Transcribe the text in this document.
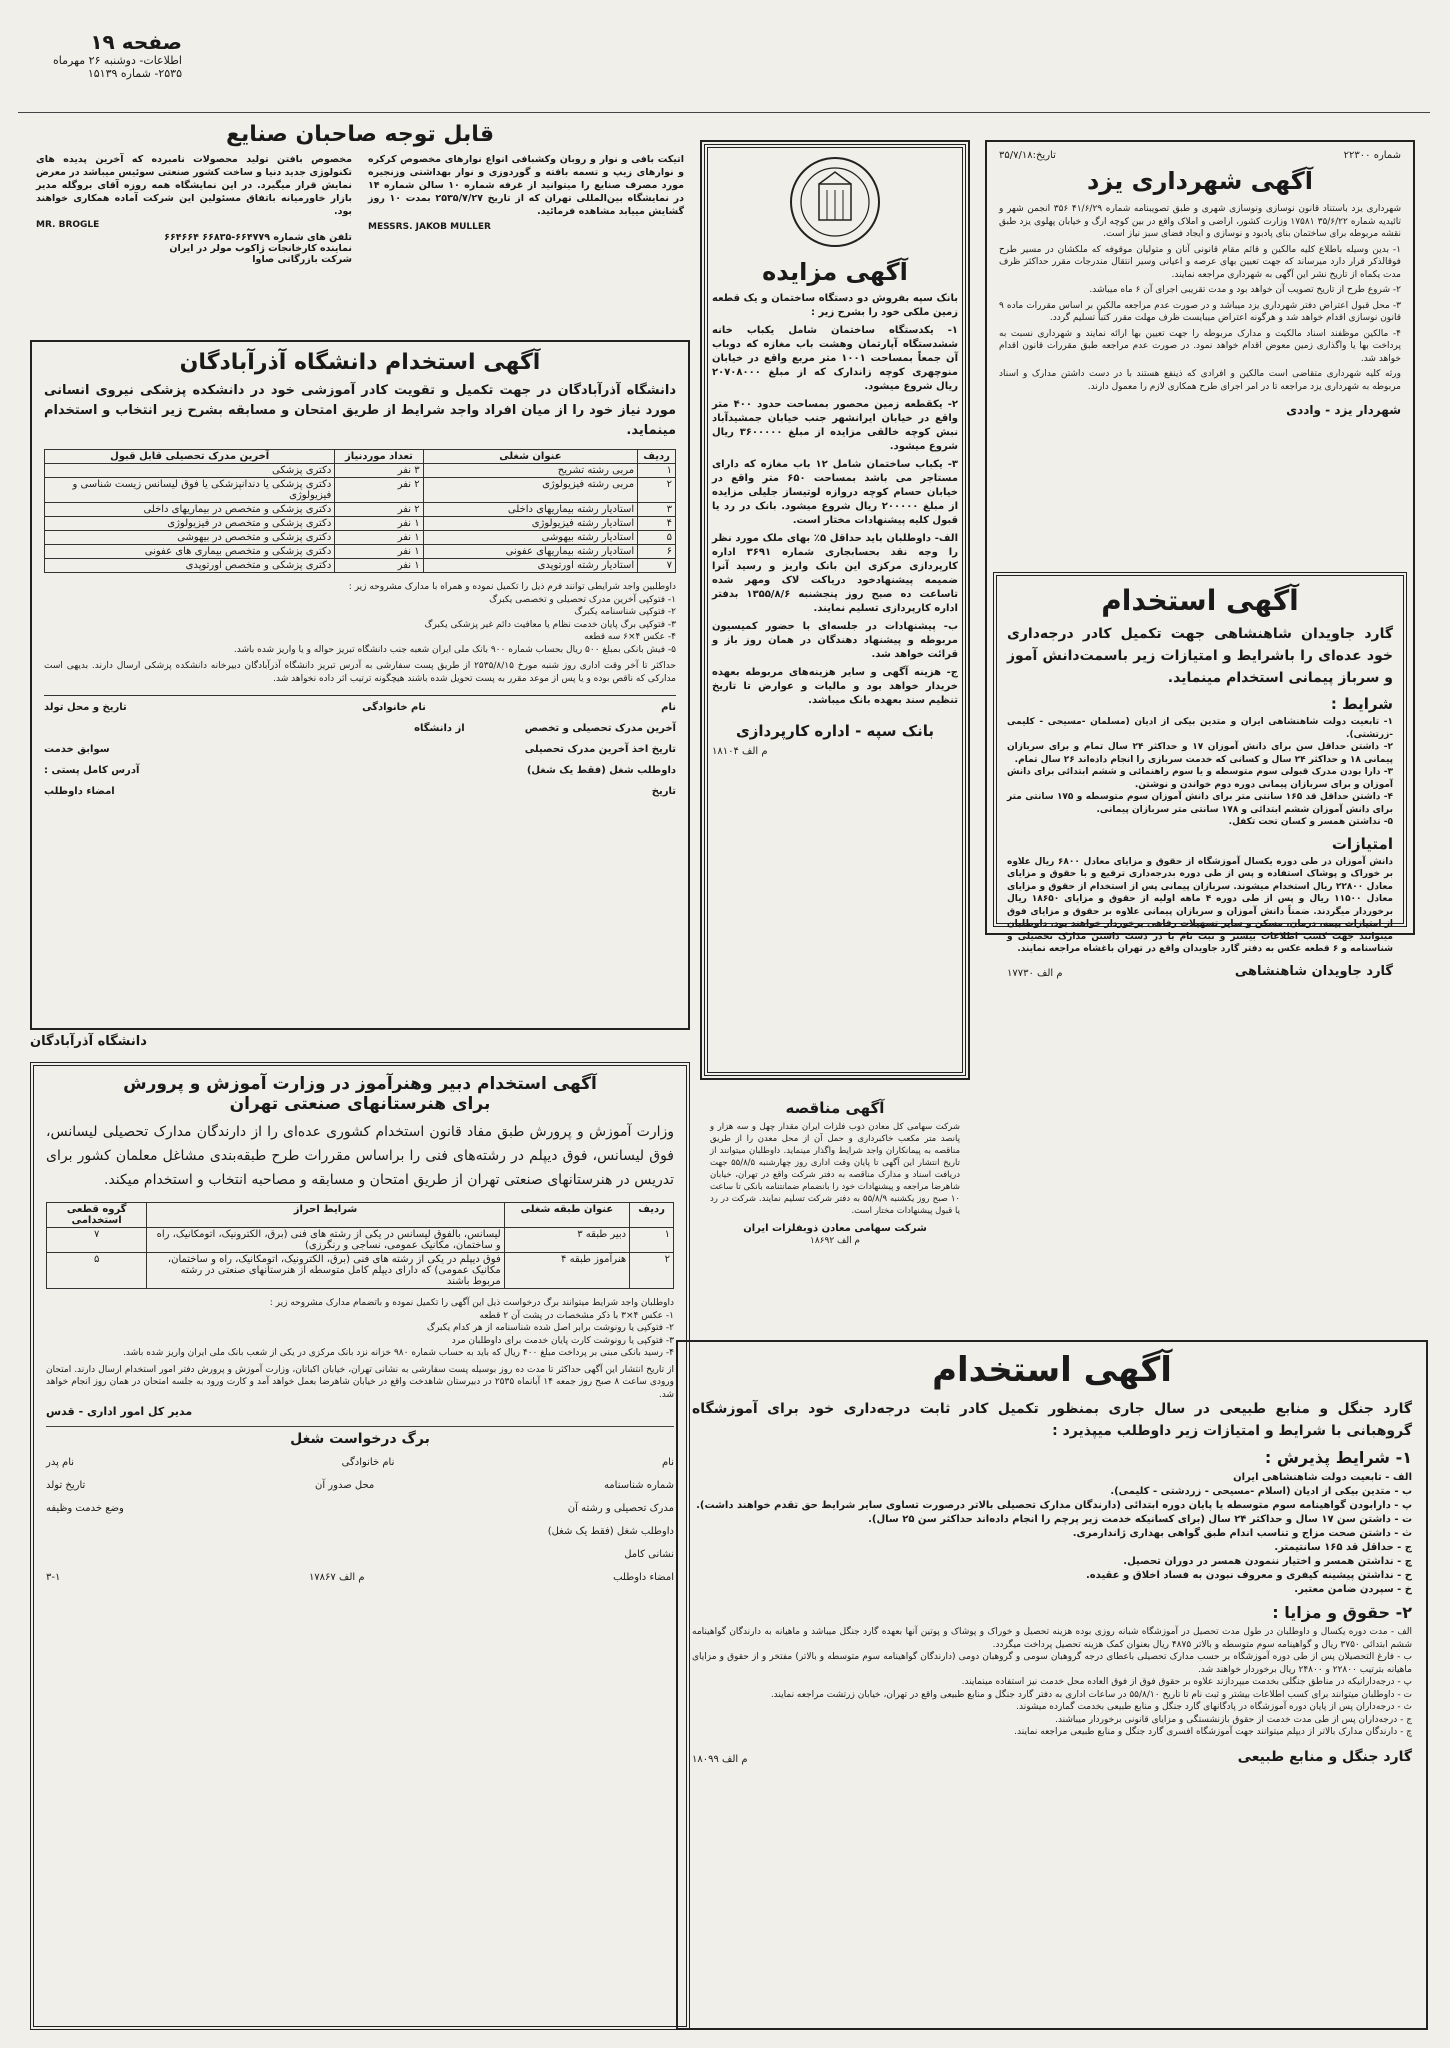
صفحه ۱۹
اطلاعات- دوشنبه ۲۶ مهرماه
۲۵۳۵- شماره ۱۵۱۳۹
شماره ۲۲۳۰۰
تاریخ:۳۵/۷/۱۸
آگهی شهرداری یزد

شهرداری یزد باستناد قانون نوسازی ونوسازی شهری و طبق تصویبنامه شماره ۴۱/۶/۲۹ ۳۵۶ انجمن شهر و تائیدیه شماره ۳۵/۶/۲۲ ۱۷۵۸۱ وزارت کشور، اراضی و املاک واقع در بین کوچه ارگ و خیابان پهلوی یزد طبق نقشه مربوطه برای ساختمان بنای پادبود و نوسازی و ایجاد فضای سبز نیاز است.

۱- بدین وسیله باطلاع کلیه مالکین و قائم مقام قانونی آنان و متولیان موقوفه که ملکشان در مسیر طرح فوقالذکر قرار دارد میرساند که جهت تعیین بهای عرصه و اعیانی وسیر انتقال مندرجات مقرر حداکثر ظرف مدت یکماه از تاریخ نشر این آگهی به شهرداری مراجعه نمایند.

۲- شروع طرح از تاریخ تصویب آن خواهد بود و مدت تقریبی اجرای آن ۶ ماه میباشد.

۳- محل قبول اعتراض دفتر شهرداری یزد میباشد و در صورت عدم مراجعه مالکین بر اساس مقررات ماده ۹ قانون نوسازی اقدام خواهد شد و هرگونه اعتراض میبایست ظرف مهلت مقرر کتباً تسلیم گردد.

۴- مالکین موظفند اسناد مالکیت و مدارک مربوطه را جهت تعیین بها ارائه نمایند و شهرداری نسبت به پرداخت بها یا واگذاری زمین معوض اقدام خواهد نمود. در صورت عدم مراجعه طبق مقررات قانون اقدام خواهد شد.

ورثه کلیه شهرداری متقاضی است مالکین و افرادی که ذینفع هستند با در دست داشتن مدارک و اسناد مربوطه به شهرداری یزد مراجعه تا در امر اجرای طرح همکاری لازم را معمول دارند.

شهردار یزد - واددی
آگهی استخدام

گارد جاویدان شاهنشاهی جهت تکمیل کادر درجه‌داری خود عده‌ای را باشرایط و امتیازات زیر باسمت‌دانش آموز و سرباز پیمانی استخدام مینماید.

شرایط :

۱- تابعیت دولت شاهنشاهی ایران و متدین بیکی از ادیان (مسلمان -مسیحی - کلیمی -زرتشتی).

۲- داشتن حداقل سن برای دانش آموزان ۱۷ و حداکثر ۲۴ سال تمام و برای سربازان پیمانی ۱۸ و حداکثر ۲۴ سال و کسانی که خدمت سربازی را انجام داده‌اند ۲۶ سال تمام.

۳- دارا بودن مدرک قبولی سوم متوسطه و یا سوم راهنمائی و ششم ابتدائی برای دانش آموزان و برای سربازان پیمانی دوره دوم خواندن و نوشتن.

۴- داشتن حداقل قد ۱۶۵ سانتی متر برای دانش آموزان سوم متوسطه و ۱۷۵ سانتی متر برای دانش آموزان ششم ابتدائی و ۱۷۸ سانتی متر سربازان پیمانی.

۵- نداشتن همسر و کسان تحت تکفل.

امتیازات

دانش آموزان در طی دوره یکسال آموزشگاه از حقوق و مزایای معادل ۶۸۰۰ ریال علاوه بر خوراک و پوشاک استفاده و پس از طی دوره بدرجه‌داری ترفیع و با حقوق و مزایای معادل ۲۲۸۰۰ ریال استخدام میشوند. سربازان پیمانی پس از استخدام از حقوق و مزایای معادل ۱۱۵۰۰ ریال و پس از طی دوره ۴ ماهه اولیه از حقوق و مزایای ۱۸۶۵۰ ریال برخوردار میگردند. ضمناً دانش آموزان و سربازان پیمانی علاوه بر حقوق و مزایای فوق از امتیازات بیمه، درمان، مسکن و سایر تسهیلات رفاهی برخوردار خواهند بود. داوطلبان میتوانند جهت کسب اطلاعات بیشتر و ثبت نام با در دست داشتن مدارک تحصیلی و شناسنامه و ۶ قطعه عکس به دفتر گارد جاویدان واقع در تهران باغشاه مراجعه نمایند.

گارد جاویدان شاهنشاهی
م الف ۱۷۷۳۰
آگهی مزایده

بانک سپه بفروش دو دستگاه ساختمان و یک قطعه زمین ملکی خود را بشرح زیر :

۱- یکدستگاه ساختمان شامل یکباب خانه ششدستگاه آپارتمان وهشت باب مغازه که دوباب آن جمعاً بمساحت ۱۰۰۱ متر مربع واقع در خیابان منوچهری کوچه زاندارک که از مبلغ ۲۰۷۰۸۰۰۰ ریال شروع میشود.

۲- یکقطعه زمین محصور بمساحت حدود ۴۰۰ متر واقع در خیابان ایرانشهر جنب خیابان جمشیدآباد نبش کوچه خالقی مزایده از مبلغ ۳۶۰۰۰۰۰ ریال شروع میشود.

۳- یکباب ساختمان شامل ۱۲ باب مغازه که دارای مستاجر می باشد بمساحت ۶۵۰ متر واقع در خیابان حسام کوچه دروازه لوتیساز جلیلی مزایده از مبلغ ۲۰۰۰۰۰ ریال شروع میشود. بانک در رد یا قبول کلیه پیشنهادات مختار است.

الف- داوطلبان باید حداقل ۵٪ بهای ملک مورد نظر را وجه نقد بحسابجاری شماره ۳۶۹۱ اداره کارپردازی مرکزی این بانک واریز و رسید آنرا ضمیمه پیشنهادخود دریاکت لاک ومهر شده تاساعت ده صبح روز پنجشنبه ۱۳۵۵/۸/۶ بدفتر اداره کارپردازی تسلیم نمایند.

ب- پیشنهادات در جلسه‌ای با حضور کمیسیون مربوطه و پیشنهاد دهندگان در همان روز باز و قرائت خواهد شد.

ج- هزینه آگهی و سایر هزینه‌های مربوطه بعهده خریدار خواهد بود و مالیات و عوارض تا تاریخ تنظیم سند بعهده بانک میباشد.

بانک سپه - اداره کارپردازی
م الف ۱۸۱۰۴
آگهی مناقصه

شرکت سهامی کل معادن ذوب فلزات ایران مقدار چهل و سه هزار و پانصد متر مکعب خاکبرداری و حمل آن از محل معدن را از طریق مناقصه به پیمانکاران واجد شرایط واگذار مینماید. داوطلبان میتوانند از تاریخ انتشار این آگهی تا پایان وقت اداری روز چهارشنبه ۵۵/۸/۵ جهت دریافت اسناد و مدارک مناقصه به دفتر شرکت واقع در تهران، خیابان شاهرضا مراجعه و پیشنهادات خود را بانضمام ضمانتنامه بانکی تا ساعت ۱۰ صبح روز یکشنبه ۵۵/۸/۹ به دفتر شرکت تسلیم نمایند. شرکت در رد یا قبول پیشنهادات مختار است.

شرکت سهامی معادن ذوبفلزات ایران
م الف ۱۸۶۹۲
قابل توجه صاحبان صنایع

اتیکت بافی و نوار و روبان وکشبافی انواع نوارهای مخصوص کرکره و نوارهای زیپ و تسمه بافته و گوردوزی و نوار بهداشتی وزنجیره مورد مصرف صنایع را میتوانید از غرفه شماره ۱۰ سالن شماره ۱۴ در نمایشگاه بین‌المللی تهران که از تاریخ ۲۵۳۵/۷/۲۷ بمدت ۱۰ روز گشایش مییابد مشاهده فرمائید.

MESSRS. JAKOB MULLER

مخصوص بافتن تولید محصولات نامبرده که آخرین پدیده های تکنولوژی جدید دنیا و ساخت کشور صنعتی سوئیس میباشد در معرض نمایش قرار میگیرد. در این نمایشگاه همه روزه آقای بروگله مدیر بازار خاورمیانه باتفاق مسئولین این شرکت آماده همکاری خواهند بود.

MR. BROGLE
تلفن های شماره ۶۶۴۷۷۹-۶۶۸۳۵ ۶۶۴۶۶۴
نماینده کارخانجات ژاکوب مولر در ایران
شرکت بازرگانی صاوا
آگهی استخدام دانشگاه آذرآبادگان

دانشگاه آذرآبادگان در جهت تکمیل و تقویت کادر آموزشی خود در دانشکده پزشکی نیروی انسانی مورد نیاز خود را از میان افراد واجد شرایط از طریق امتحان و مسابقه بشرح زیر انتخاب و استخدام مینماید.

ردیف	عنوان شغلی	تعداد موردنیاز	آخرین مدرک تحصیلی قابل قبول
۱	مربی رشته تشریح	۳ نفر	دکتری پزشکی
۲	مربی رشته فیزیولوژی	۲ نفر	دکتری پزشکی یا دندانپزشکی یا فوق لیسانس زیست شناسی و فیزیولوژی
۳	استادیار رشته بیماریهای داخلی	۲ نفر	دکتری پزشکی و متخصص در بیماریهای داخلی
۴	استادیار رشته فیزیولوژی	۱ نفر	دکتری پزشکی و متخصص در فیزیولوژی
۵	استادیار رشته بیهوشی	۱ نفر	دکتری پزشکی و متخصص در بیهوشی
۶	استادیار رشته بیماریهای عفونی	۱ نفر	دکتری پزشکی و متخصص بیماری های عفونی
۷	استادیار رشته اورتوپدی	۱ نفر	دکتری پزشکی و متخصص اورتوپدی

داوطلبین واجد شرایطی توانند فرم ذیل را تکمیل نموده و همراه با مدارک مشروحه زیر :

۱- فتوکپی آخرین مدرک تحصیلی و تخصصی یکبرگ

۲- فتوکپی شناسنامه یکبرگ

۳- فتوکپی برگ پایان خدمت نظام یا معافیت دائم غیر پزشکی یکبرگ

۴- عکس ۴×۶ سه قطعه

۵- فیش بانکی بمبلغ ۵۰۰ ریال بحساب شماره ۹۰۰ بانک ملی ایران شعبه جنب دانشگاه تبریز حواله و یا واریز شده باشد.

حداکثر تا آخر وقت اداری روز شنبه مورخ ۲۵۳۵/۸/۱۵ از طریق پست سفارشی به آدرس تبریز دانشگاه آذرآبادگان دبیرخانه دانشکده پزشکی ارسال دارند. بدیهی است مدارکی که ناقص بوده و یا پس از موعد مقرر به پست تحویل شده باشند هیچگونه ترتیب اثر داده نخواهد شد.

نام
نام خانوادگی
تاریخ و محل تولد
آخرین مدرک تحصیلی و تخصص
از دانشگاه
تاریخ اخذ آخرین مدرک تحصیلی
سوابق خدمت
داوطلب شغل (فقط یک شغل)
آدرس کامل پستی :
تاریخ
امضاء داوطلب
دانشگاه آذرآبادگان
آگهی استخدام دبیر وهنرآموز در وزارت آموزش و پرورش
برای هنرستانهای صنعتی تهران

وزارت آموزش و پرورش طبق مفاد قانون استخدام کشوری عده‌ای را از دارندگان مدارک تحصیلی لیسانس، فوق لیسانس، فوق دیپلم در رشته‌های فنی را براساس مقررات طرح طبقه‌بندی مشاغل معلمان کشور برای تدریس در هنرستانهای صنعتی تهران از طریق امتحان و مسابقه و مصاحبه انتخاب و استخدام میکند.

ردیف	عنوان طبقه شغلی	شرایط احراز	گروه قطعی استخدامی
۱	دبیر طبقه ۳	لیسانس، بالفوق لیسانس در یکی از رشته های فنی (برق، الکترونیک، اتومکانیک، راه و ساختمان، مکانیک عمومی، نساجی و رنگرزی)	۷
۲	هنرآموز طبقه ۴	فوق دیپلم در یکی از رشته های فنی (برق، الکترونیک، اتومکانیک، راه و ساختمان، مکانیک عمومی) که دارای دیپلم کامل متوسطه از هنرستانهای صنعتی در رشته مربوط باشند	۵

داوطلبان واجد شرایط میتوانند برگ درخواست ذیل این آگهی را تکمیل نموده و باتضمام مدارک مشروحه زیر :

۱- عکس ۴×۳ با ذکر مشخصات در پشت آن ۲ قطعه

۲- فتوکپی یا رونوشت برابر اصل شده شناسنامه از هر کدام یکبرگ

۳- فتوکپی یا رونوشت کارت پایان خدمت برای داوطلبان مرد

۴- رسید بانکی مبنی بر پرداخت مبلغ ۴۰۰ ریال که باید به حساب شماره ۹۸۰ خزانه نزد بانک مرکزی در یکی از شعب بانک ملی ایران واریز شده باشد.

از تاریخ انتشار این آگهی حداکثر تا مدت ده روز بوسیله پست سفارشی به نشانی تهران، خیابان اکباتان، وزارت آموزش و پرورش دفتر امور استخدام ارسال دارند. امتحان ورودی ساعت ۸ صبح روز جمعه ۱۴ آبانماه ۲۵۳۵ در دبیرستان شاهدخت واقع در خیابان شاهرضا بعمل خواهد آمد و کارت ورود به جلسه امتحان در همان روز انجام خواهد شد.

مدیر کل امور اداری - قدس
برگ درخواست شغل
نام
نام خانوادگی
نام پدر
شماره شناسنامه
محل صدور آن
تاریخ تولد
مدرک تحصیلی و رشته آن
وضع خدمت وظیفه
داوطلب شغل (فقط یک شغل)
نشانی کامل
امضاء داوطلب
م الف ۱۷۸۶۷
۳-۱
آگهی استخدام

گارد جنگل و منابع طبیعی در سال جاری بمنظور تکمیل کادر ثابت درجه‌داری خود برای آموزشگاه گروهبانی با شرایط و امتیازات زیر داوطلب میپذیرد :

۱- شرایط پذیرش :

الف - تابعیت دولت شاهنشاهی ایران

ب - متدین بیکی از ادیان (اسلام -مسیحی - زردشتی - کلیمی).

پ - دارابودن گواهینامه سوم متوسطه یا پایان دوره ابتدائی (دارندگان مدارک تحصیلی بالاتر درصورت تساوی سایر شرایط حق تقدم خواهند داشت).

ت - داشتن سن ۱۷ سال و حداکثر ۲۴ سال (برای کسانیکه خدمت زیر پرچم را انجام داده‌اند حداکثر سن ۲۵ سال).

ث - داشتن صحت مزاج و تناسب اندام طبق گواهی بهداری ژاندارمری.

ج - حداقل قد ۱۶۵ سانتیمتر.

چ - نداشتن همسر و اختیار ننمودن همسر در دوران تحصیل.

ح - نداشتن پیشینه کیفری و معروف نبودن به فساد اخلاق و عقیده.

خ - سپردن ضامن معتبر.

۲- حقوق و مزایا :

الف - مدت دوره یکسال و داوطلبان در طول مدت تحصیل در آموزشگاه شبانه روزی بوده هزینه تحصیل و خوراک و پوشاک و پوتین آنها بعهده گارد جنگل میباشد و ماهیانه به دارندگان گواهینامه ششم ابتدائی ۳۷۵۰ ریال و گواهینامه سوم متوسطه و بالاتر ۴۸۷۵ ریال بعنوان کمک هزینه تحصیل پرداخت میگردد.

ب - فارغ التحصیلان پس از طی دوره آموزشگاه بر حسب مدارک تحصیلی باعطای درجه گروهبان سومی و گروهبان دومی (دارندگان گواهینامه سوم متوسطه و بالاتر) مفتخر و از حقوق و مزایای ماهیانه بترتیب ۲۲۸۰۰ و ۲۴۸۰۰ ریال برخوردار خواهند شد.

پ - درجه‌دارانیکه در مناطق جنگلی بخدمت میپردازند علاوه بر حقوق فوق از فوق العاده محل خدمت نیز استفاده مینمایند.

ت - داوطلبان میتوانند برای کسب اطلاعات بیشتر و ثبت نام تا تاریخ ۵۵/۸/۱۰ در ساعات اداری به دفتر گارد جنگل و منابع طبیعی واقع در تهران، خیابان زرتشت مراجعه نمایند.

ث - درجه‌داران پس از پایان دوره آموزشگاه در پادگانهای گارد جنگل و منابع طبیعی بخدمت گمارده میشوند.

ج - درجه‌داران پس از طی مدت خدمت از حقوق بازنشستگی و مزایای قانونی برخوردار میباشند.

چ - دارندگان مدارک بالاتر از دیپلم میتوانند جهت آموزشگاه افسری گارد جنگل و منابع طبیعی مراجعه نمایند.

گارد جنگل و منابع طبیعی
م الف ۱۸۰۹۹
